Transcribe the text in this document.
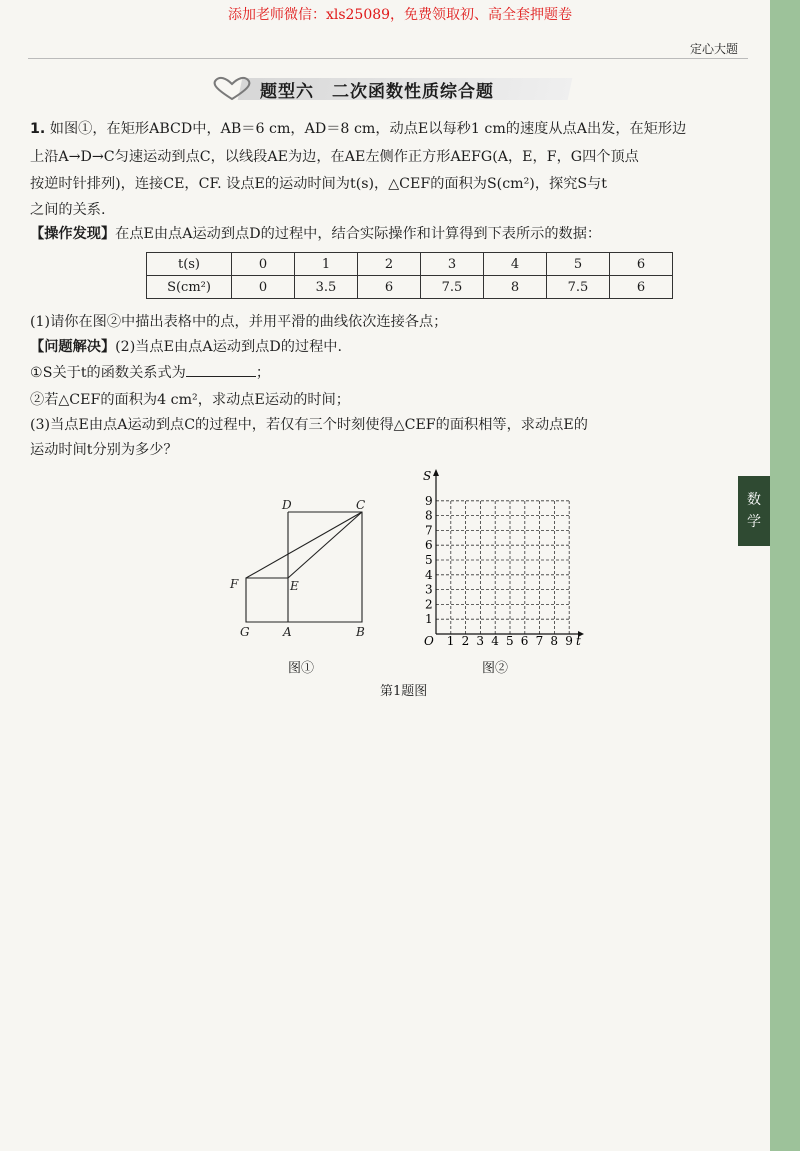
添加老师微信：xls25089，免费领取初、高全套押题卷
定心大题
数
学
题型六　二次函数性质综合题
1. 如图①，在矩形ABCD中，AB＝6 cm，AD＝8 cm，动点E以每秒1 cm的速度从点A出发，在矩形边
上沿A→D→C匀速运动到点C，以线段AE为边，在AE左侧作正方形AEFG(A，E，F，G四个顶点
按逆时针排列)，连接CE，CF. 设点E的运动时间为t(s)，△CEF的面积为S(cm²)，探究S与t
之间的关系.
【操作发现】在点E由点A运动到点D的过程中，结合实际操作和计算得到下表所示的数据：
t(s)	0	1	2	3	4	5	6
S(cm²)	0	3.5	6	7.5	8	7.5	6
(1)请你在图②中描出表格中的点，并用平滑的曲线依次连接各点；
【问题解决】(2)当点E由点A运动到点D的过程中.
①S关于t的函数关系式为	；
②若△CEF的面积为4 cm²，求动点E运动的时间；
(3)当点E由点A运动到点C的过程中，若仅有三个时刻使得△CEF的面积相等，求动点E的
运动时间t分别为多少？
D	C
F	E
G	A	B
S
t
O 1
1
2
2
3
3
4
4
5
5
6
6
7
7
8
8
9
9
图①	图②
第1题图
